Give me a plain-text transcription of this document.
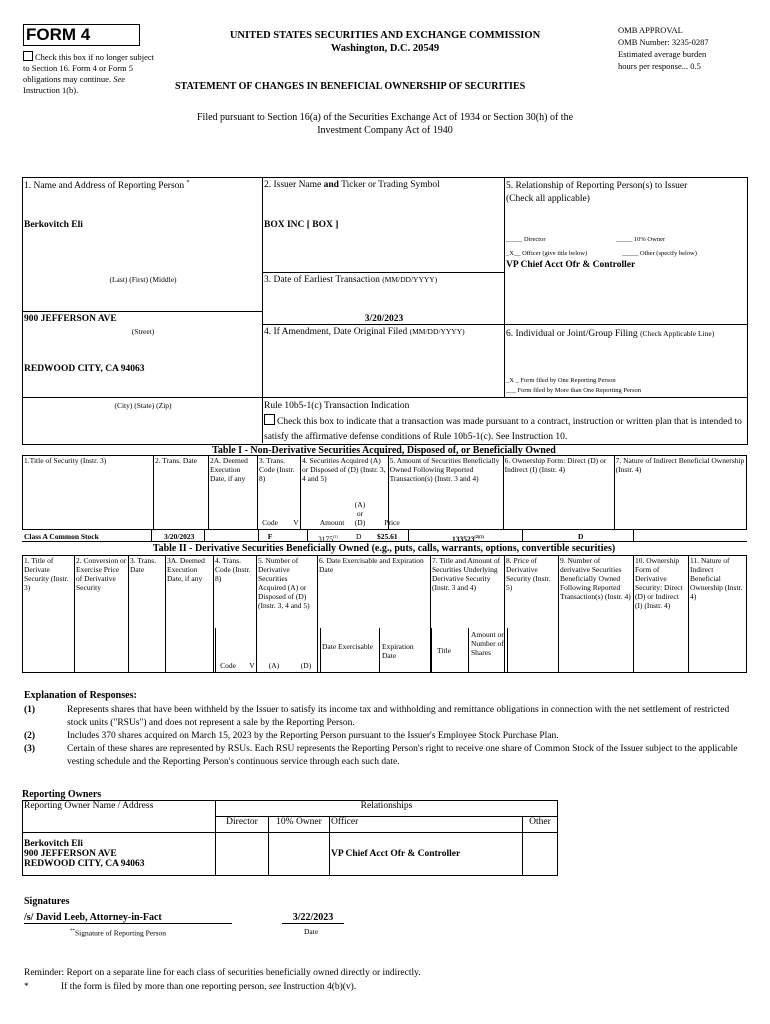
FORM 4
Check this box if no longer subject to Section 16. Form 4 or Form 5 obligations may continue. See Instruction 1(b).
UNITED STATES SECURITIES AND EXCHANGE COMMISSION
Washington, D.C. 20549
OMB APPROVAL
OMB Number: 3235-0287
Estimated average burden
hours per response... 0.5
STATEMENT OF CHANGES IN BENEFICIAL OWNERSHIP OF SECURITIES
Filed pursuant to Section 16(a) of the Securities Exchange Act of 1934 or Section 30(h) of the
Investment Company Act of 1940
1. Name and Address of Reporting Person *
Berkovitch Eli
(Last) (First) (Middle)
900 JEFFERSON AVE
(Street)
REDWOOD CITY, CA 94063
(City) (State) (Zip)
2. Issuer Name and Ticker or Trading Symbol
BOX INC [ BOX ]
3. Date of Earliest Transaction (MM/DD/YYYY)
3/20/2023
4. If Amendment, Date Original Filed (MM/DD/YYYY)
Rule 10b5-1(c) Transaction Indication
Check this box to indicate that a transaction was made pursuant to a contract, instruction or written plan that is intended to satisfy the affirmative defense conditions of Rule 10b5-1(c). See Instruction 10.
5. Relationship of Reporting Person(s) to Issuer
(Check all applicable)
_____ Director	_____ 10% Owner
_X__ Officer (give title below)	_____ Other (specify below)
VP Chief Acct Ofr & Controller
6. Individual or Joint/Group Filing (Check Applicable Line)
_X _ Form filed by One Reporting Person
___ Form filed by More than One Reporting Person
Table I - Non-Derivative Securities Acquired, Disposed of, or Beneficially Owned
1.Title of Security (Instr. 3)	2. Trans. Date	2A. Deemed Execution Date, if any	3. Trans. Code (Instr. 8)	4. Securities Acquired (A) or Disposed of (D) (Instr. 3, 4 and 5)	5. Amount of Securities Beneficially Owned Following Reported Transaction(s) (Instr. 3 and 4)	6. Ownership Form: Direct (D) or Indirect (I) (Instr. 4)	7. Nature of Indirect Beneficial Ownership (Instr. 4)
Code	V	Amount
(A) or (D)	Price
Class A Common Stock	3/20/2023	F	3175$^{(1)}$ D $25.61	$133523^{(2)(3)}$	D
Table II - Derivative Securities Beneficially Owned (e.g., puts, calls, warrants, options, convertible securities)
1. Title of Derivate Security (Instr. 3)	2. Conversion or Exercise Price of Derivative Security	3. Trans. Date	3A. Deemed Execution Date, if any	4. Trans. Code (Instr. 8)	5. Number of Derivative Securities Acquired (A) or Disposed of (D) (Instr. 3, 4 and 5)	6. Date Exercisable and Expiration Date	7. Title and Amount of Securities Underlying Derivative Security (Instr. 3 and 4)	8. Price of Derivative Security (Instr. 5)	9. Number of derivative Securities Beneficially Owned Following Reported Transaction(s) (Instr. 4)	10. Ownership Form of Derivative Security: Direct (D) or Indirect (I) (Instr. 4)	11. Nature of Indirect Beneficial Ownership (Instr. 4)
Code	V	(A)	(D)
Date Exercisable	Expiration Date
Title
Amount or Number of Shares
Explanation of Responses:
(1)	Represents shares that have been withheld by the Issuer to satisfy its income tax and withholding and remittance obligations in connection with the net settlement of restricted stock units ("RSUs") and does not represent a sale by the Reporting Person.
(2)	Includes 370 shares acquired on March 15, 2023 by the Reporting Person pursuant to the Issuer's Employee Stock Purchase Plan.
(3)	Certain of these shares are represented by RSUs. Each RSU represents the Reporting Person's right to receive one share of Common Stock of the Issuer subject to the applicable vesting schedule and the Reporting Person's continuous service through each such date.
Reporting Owners
Reporting Owner Name / Address	Relationships			
	Director	10% Owner	Officer	Other

Berkovitch Eli
900 JEFFERSON AVE
REDWOOD CITY, CA 94063			VP Chief Acct Ofr & Controller	
Signatures
/s/ David Leeb, Attorney-in-Fact	3/22/2023
**Signature of Reporting Person	Date
Reminder: Report on a separate line for each class of securities beneficially owned directly or indirectly.
*	If the form is filed by more than one reporting person, see Instruction 4(b)(v).
